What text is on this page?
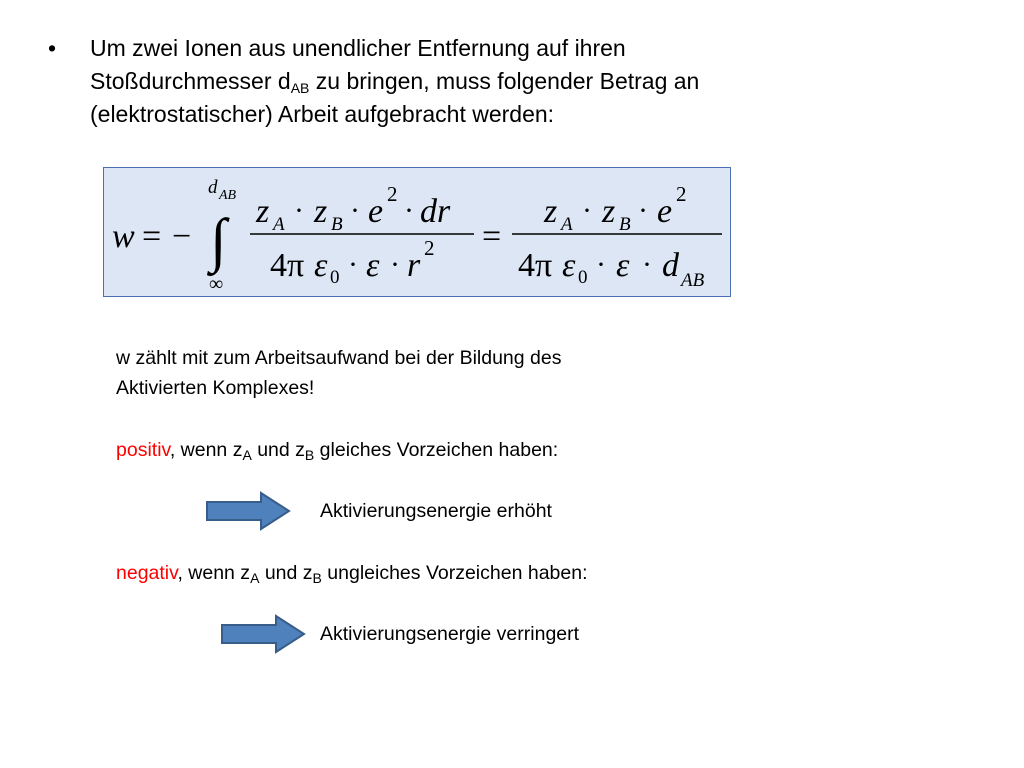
• Um zwei Ionen aus unendlicher Entfernung auf ihren
Stoßdurchmesser $d_{AB}$ zu bringen, muss folgender Betrag an
(elektrostatischer) Arbeit aufgebracht werden:
w = −
d AB
∫
∞
z A · z B · e 2 · dr
4π ε 0 · ε · r 2 =
z A · z B · e 2
4π ε 0 · ε · d AB
w zählt mit zum Arbeitsaufwand bei der Bildung des
Aktivierten Komplexes!
positiv, wenn $z_A$ und $z_B$ gleiches Vorzeichen haben:
Aktivierungsenergie erhöht
negativ, wenn $z_A$ und $z_B$ ungleiches Vorzeichen haben:
Aktivierungsenergie verringert
